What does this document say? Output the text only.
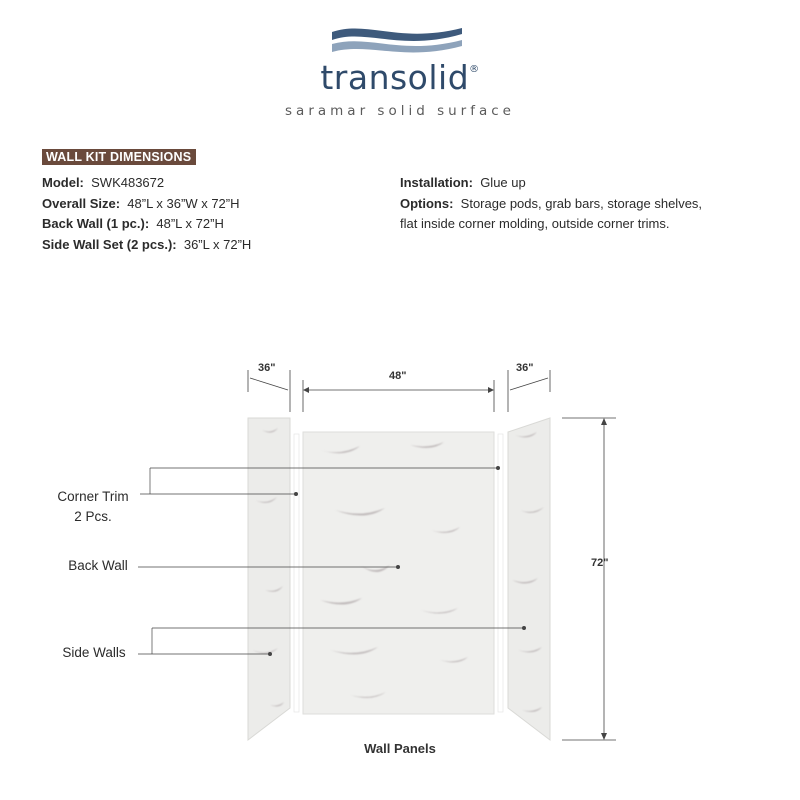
transolid®
saramar solid surface
WALL KIT DIMENSIONS
Model: SWK483672
Overall Size: 48”L x 36”W x 72”H
Back Wall (1 pc.): 48”L x 72”H
Side Wall Set (2 pcs.): 36”L x 72”H
Installation: Glue up
Options: Storage pods, grab bars, storage shelves, flat inside corner molding, outside corner trims.
36"
48"
36"
72"
Corner Trim
2 Pcs.
Back Wall
Side Walls
Wall Panels
